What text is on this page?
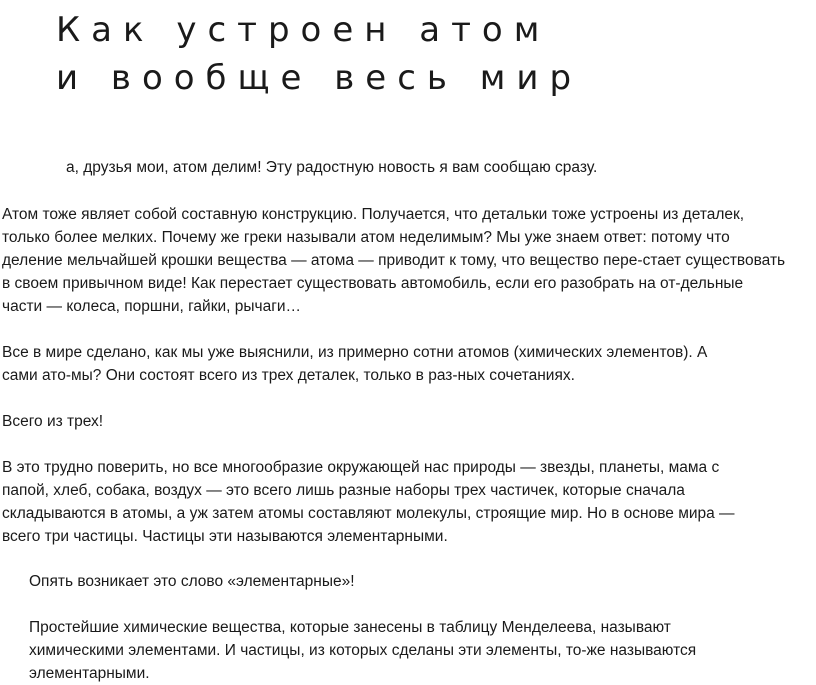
Как устроен атом
и вообще весь мир

а, друзья мои, атом делим! Эту радостную новость я вам сообщаю сразу.

Атом тоже являет собой составную конструкцию. Получается, что детальки тоже устроены из деталек,
только более мелких. Почему же греки называли атом неделимым? Мы уже знаем ответ: потому что
деление мельчайшей крошки вещества — атома — приводит к тому, что вещество пере-стает существовать
в своем привычном виде! Как перестает существовать автомобиль, если его разобрать на от-дельные
части — колеса, поршни, гайки, рычаги…

Все в мире сделано, как мы уже выяснили, из примерно сотни атомов (химических элементов). А
сами ато-мы? Они состоят всего из трех деталек, только в раз-ных сочетаниях.

Всего из трех!

В это трудно поверить, но все многообразие окружающей нас природы — звезды, планеты, мама с
папой, хлеб, собака, воздух — это всего лишь разные наборы трех частичек, которые сначала
складываются в атомы, а уж затем атомы составляют молекулы, строящие мир. Но в основе мира —
всего три частицы. Частицы эти называются элементарными.

Опять возникает это слово «элементарные»!

Простейшие химические вещества, которые занесены в таблицу Менделеева, называют
химическими элементами. И частицы, из которых сделаны эти элементы, то-же называются
элементарными.
